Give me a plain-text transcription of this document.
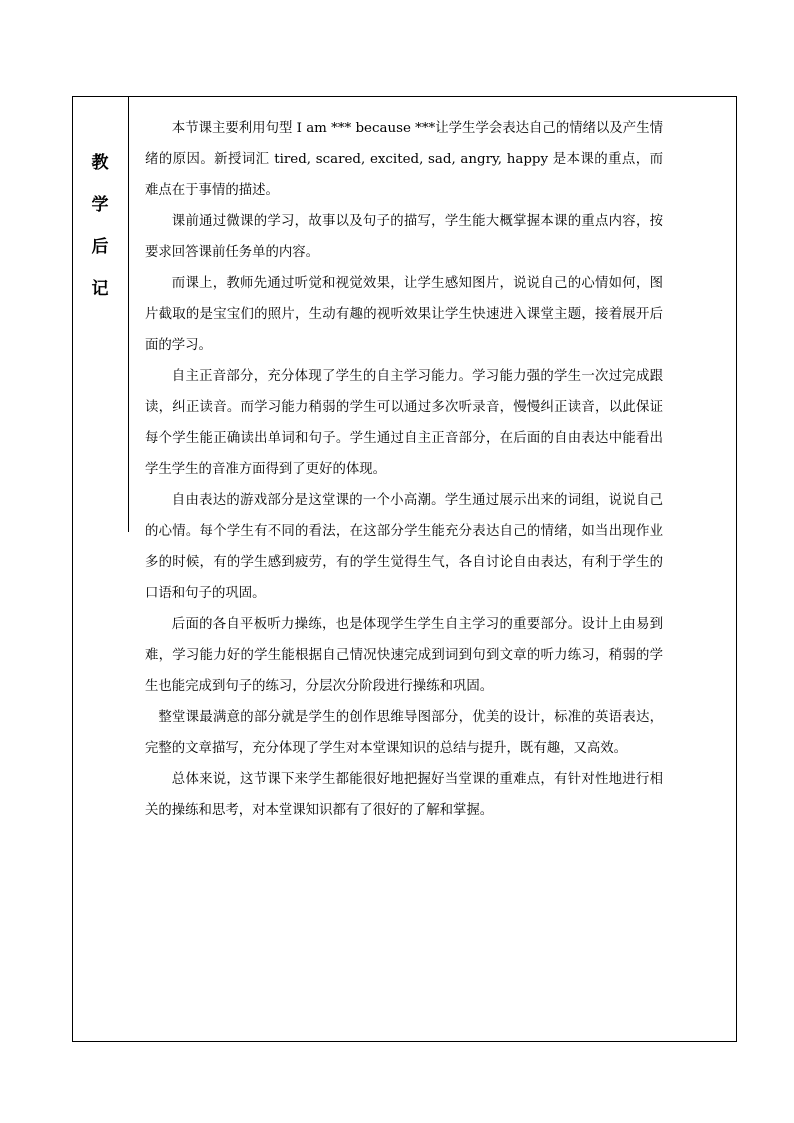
教
学
后
记

本节课主要利用句型 I am *** because ***让学生学会表达自己的情绪以及产生情绪的原因。新授词汇 tired, scared, excited, sad, angry, happy 是本课的重点，而难点在于事情的描述。

课前通过微课的学习，故事以及句子的描写，学生能大概掌握本课的重点内容，按要求回答课前任务单的内容。

而课上，教师先通过听觉和视觉效果，让学生感知图片，说说自己的心情如何，图片截取的是宝宝们的照片，生动有趣的视听效果让学生快速进入课堂主题，接着展开后面的学习。

自主正音部分，充分体现了学生的自主学习能力。学习能力强的学生一次过完成跟读，纠正读音。而学习能力稍弱的学生可以通过多次听录音，慢慢纠正读音，以此保证每个学生能正确读出单词和句子。学生通过自主正音部分，在后面的自由表达中能看出学生学生的音准方面得到了更好的体现。

自由表达的游戏部分是这堂课的一个小高潮。学生通过展示出来的词组，说说自己的心情。每个学生有不同的看法，在这部分学生能充分表达自己的情绪，如当出现作业多的时候，有的学生感到疲劳，有的学生觉得生气，各自讨论自由表达，有利于学生的口语和句子的巩固。

后面的各自平板听力操练，也是体现学生学生自主学习的重要部分。设计上由易到难，学习能力好的学生能根据自己情况快速完成到词到句到文章的听力练习，稍弱的学生也能完成到句子的练习，分层次分阶段进行操练和巩固。

整堂课最满意的部分就是学生的创作思维导图部分，优美的设计，标准的英语表达，完整的文章描写，充分体现了学生对本堂课知识的总结与提升，既有趣，又高效。

总体来说，这节课下来学生都能很好地把握好当堂课的重难点，有针对性地进行相关的操练和思考，对本堂课知识都有了很好的了解和掌握。
